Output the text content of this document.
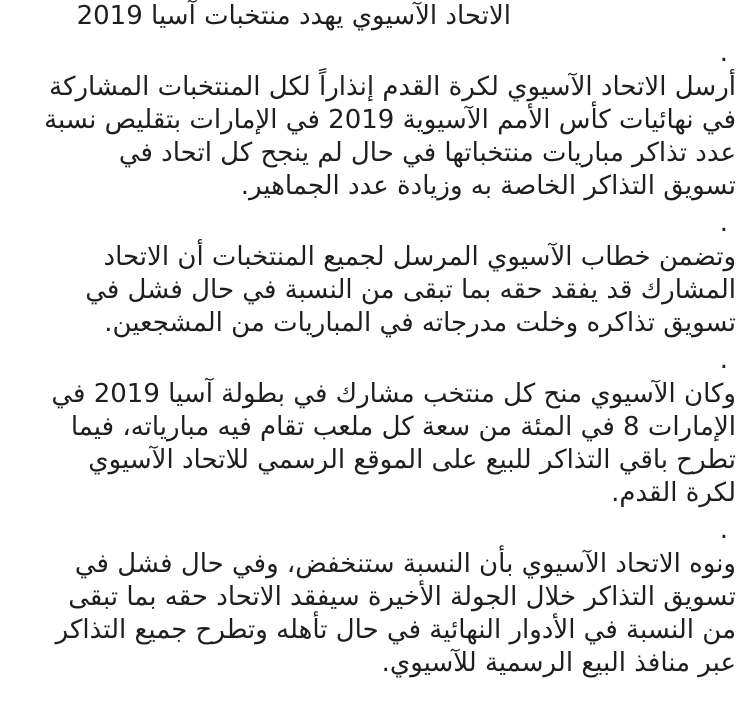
الاتحاد الآسيوي يهدد منتخبات آسيا 2019

.

أرسل الاتحاد الآسيوي لكرة القدم إنذاراً لكل المنتخبات المشاركة
في نهائيات كأس الأمم الآسيوية 2019 في الإمارات بتقليص نسبة
عدد تذاكر مباريات منتخباتها في حال لم ينجح كل اتحاد في
تسويق التذاكر الخاصة به وزيادة عدد الجماهير.

.

وتضمن خطاب الآسيوي المرسل لجميع المنتخبات أن الاتحاد
المشارك قد يفقد حقه بما تبقى من النسبة في حال فشل في
تسويق تذاكره وخلت مدرجاته في المباريات من المشجعين.

.

وكان الآسيوي منح كل منتخب مشارك في بطولة آسيا 2019 في
الإمارات 8 في المئة من سعة كل ملعب تقام فيه مبارياته، فيما
تطرح باقي التذاكر للبيع على الموقع الرسمي للاتحاد الآسيوي
لكرة القدم.

.

ونوه الاتحاد الآسيوي بأن النسبة ستنخفض، وفي حال فشل في
تسويق التذاكر خلال الجولة الأخيرة سيفقد الاتحاد حقه بما تبقى
من النسبة في الأدوار النهائية في حال تأهله وتطرح جميع التذاكر
عبر منافذ البيع الرسمية للآسيوي.
